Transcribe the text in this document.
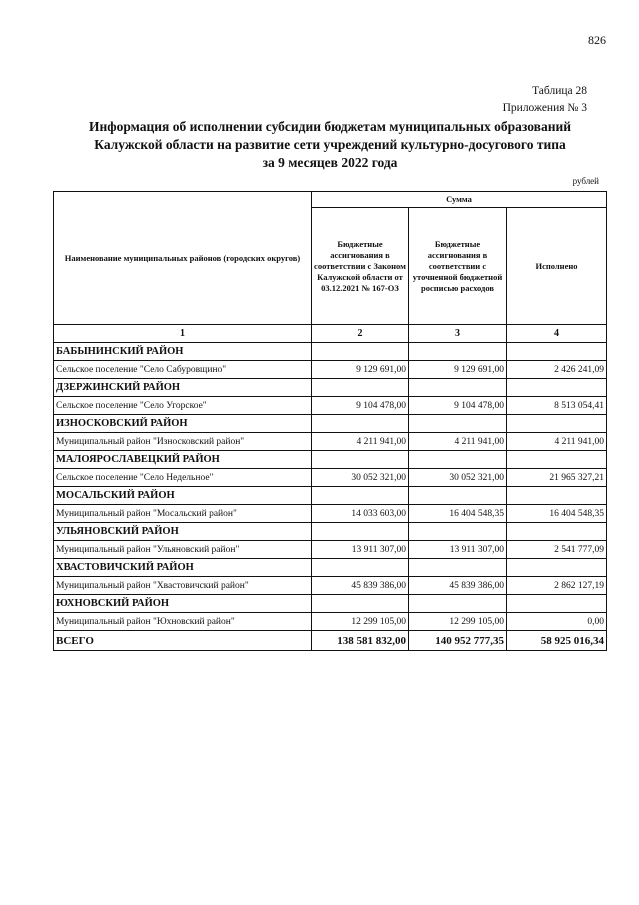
826
Таблица 28
Приложения № 3
Информация об исполнении субсидии бюджетам муниципальных образований
Калужской области на развитие сети учреждений культурно-досугового типа
за 9 месяцев 2022 года
рублей
Наименование муниципальных районов (городских округов)	Сумма		
	Бюджетные ассигнования в соответствии с Законом Калужской области от 03.12.2021 № 167-ОЗ	Бюджетные ассигнования в соответствии с уточненной бюджетной росписью расходов	Исполнено
1	2	3	4
БАБЫНИНСКИЙ РАЙОН			
Сельское поселение "Село Сабуровщино"	9 129 691,00	9 129 691,00	2 426 241,09
ДЗЕРЖИНСКИЙ РАЙОН			
Сельское поселение "Село Угорское"	9 104 478,00	9 104 478,00	8 513 054,41
ИЗНОСКОВСКИЙ РАЙОН			
Муниципальный район "Износковский район"	4 211 941,00	4 211 941,00	4 211 941,00
МАЛОЯРОСЛАВЕЦКИЙ РАЙОН			
Сельское поселение "Село Недельное"	30 052 321,00	30 052 321,00	21 965 327,21
МОСАЛЬСКИЙ РАЙОН			
Муниципальный район "Мосальский район"	14 033 603,00	16 404 548,35	16 404 548,35
УЛЬЯНОВСКИЙ РАЙОН			
Муниципальный район "Ульяновский район"	13 911 307,00	13 911 307,00	2 541 777,09
ХВАСТОВИЧСКИЙ РАЙОН			
Муниципальный район "Хвастовичский район"	45 839 386,00	45 839 386,00	2 862 127,19
ЮХНОВСКИЙ РАЙОН			
Муниципальный район "Юхновский район"	12 299 105,00	12 299 105,00	0,00
ВСЕГО	138 581 832,00	140 952 777,35	58 925 016,34
